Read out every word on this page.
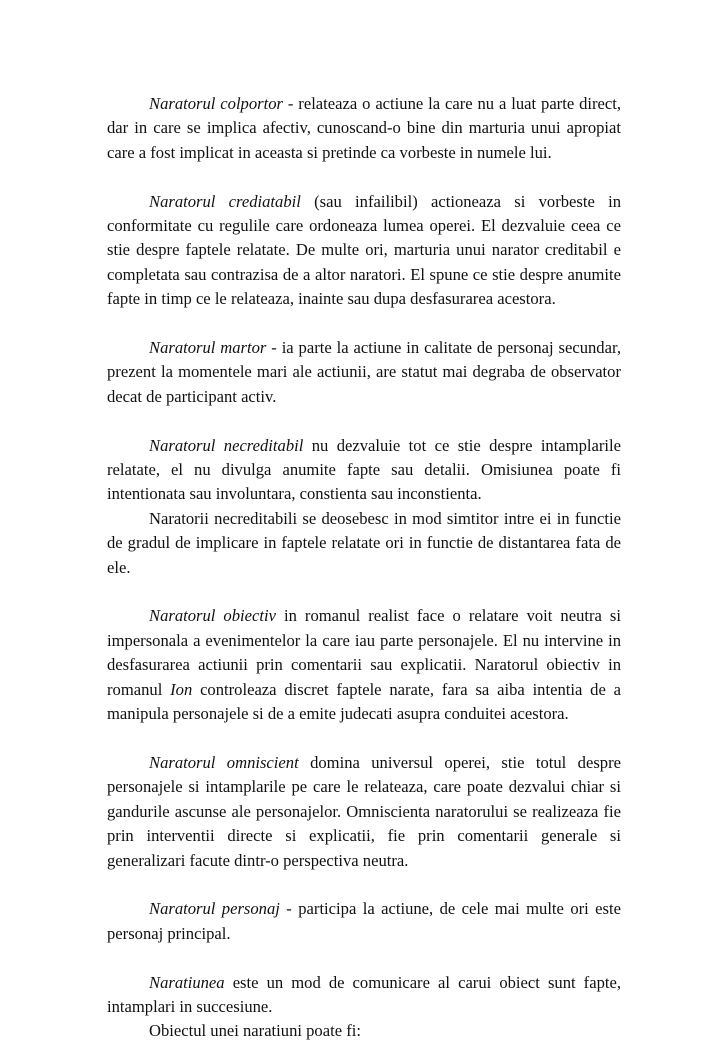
Naratorul colportor - relateaza o actiune la care nu a luat parte direct, dar in care se implica afectiv, cunoscand-o bine din marturia unui apropiat care a fost implicat in aceasta si pretinde ca vorbeste in numele lui.

Naratorul crediatabil (sau infailibil) actioneaza si vorbeste in conformitate cu regulile care ordoneaza lumea operei. El dezvaluie ceea ce stie despre faptele relatate. De multe ori, marturia unui narator creditabil e completata sau contrazisa de a altor naratori. El spune ce stie despre anumite fapte in timp ce le relateaza, inainte sau dupa desfasurarea acestora.

Naratorul martor - ia parte la actiune in calitate de personaj secundar, prezent la momentele mari ale actiunii, are statut mai degraba de observator decat de participant activ.

Naratorul necreditabil nu dezvaluie tot ce stie despre intamplarile relatate, el nu divulga anumite fapte sau detalii. Omisiunea poate fi intentionata sau involuntara, constienta sau inconstienta.

Naratorii necreditabili se deosebesc in mod simtitor intre ei in functie de gradul de implicare in faptele relatate ori in functie de distantarea fata de ele.

Naratorul obiectiv in romanul realist face o relatare voit neutra si impersonala a evenimentelor la care iau parte personajele. El nu intervine in desfasurarea actiunii prin comentarii sau explicatii. Naratorul obiectiv in romanul Ion controleaza discret faptele narate, fara sa aiba intentia de a manipula personajele si de a emite judecati asupra conduitei acestora.

Naratorul omniscient domina universul operei, stie totul despre personajele si intamplarile pe care le relateaza, care poate dezvalui chiar si gandurile ascunse ale personajelor. Omniscienta naratorului se realizeaza fie prin interventii directe si explicatii, fie prin comentarii generale si generalizari facute dintr-o perspectiva neutra.

Naratorul personaj - participa la actiune, de cele mai multe ori este personaj principal.

Naratiunea este un mod de comunicare al carui obiect sunt fapte, intamplari in succesiune.

Obiectul unei naratiuni poate fi:
